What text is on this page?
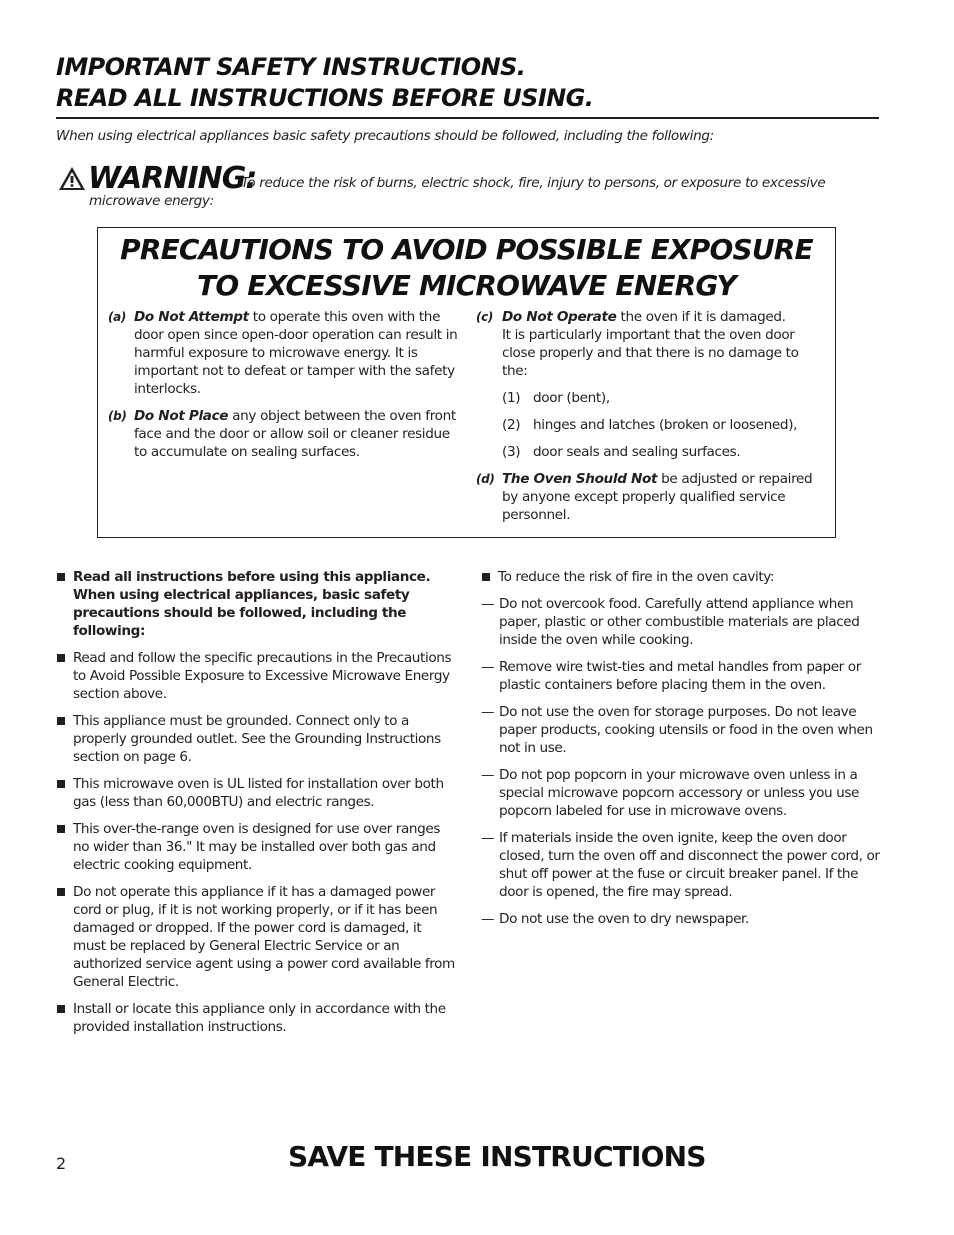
IMPORTANT SAFETY INSTRUCTIONS.
READ ALL INSTRUCTIONS BEFORE USING.
When using electrical appliances basic safety precautions should be followed, including the following:
WARNING:
To reduce the risk of burns, electric shock, fire, injury to persons, or exposure to excessive
microwave energy:
PRECAUTIONS TO AVOID POSSIBLE EXPOSURE
TO EXCESSIVE MICROWAVE ENERGY
(a) Do Not Attempt to operate this oven with the door open since open-door operation can result in harmful exposure to microwave energy. It is important not to defeat or tamper with the safety interlocks.
(b) Do Not Place any object between the oven front face and the door or allow soil or cleaner residue to accumulate on sealing surfaces.
(c) Do Not Operate the oven if it is damaged.
It is particularly important that the oven door close properly and that there is no damage to the:
(1) door (bent),
(2) hinges and latches (broken or loosened),
(3) door seals and sealing surfaces.
(d) The Oven Should Not be adjusted or repaired by anyone except properly qualified service personnel.
Read all instructions before using this appliance. When using electrical appliances, basic safety precautions should be followed, including the following:
Read and follow the specific precautions in the Precautions to Avoid Possible Exposure to Excessive Microwave Energy section above.
This appliance must be grounded. Connect only to a properly grounded outlet. See the Grounding Instructions section on page 6.
This microwave oven is UL listed for installation over both gas (less than 60,000BTU) and electric ranges.
This over-the-range oven is designed for use over ranges no wider than 36." It may be installed over both gas and electric cooking equipment.
Do not operate this appliance if it has a damaged power cord or plug, if it is not working properly, or if it has been damaged or dropped. If the power cord is damaged, it must be replaced by General Electric Service or an authorized service agent using a power cord available from General Electric.
Install or locate this appliance only in accordance with the provided installation instructions.
To reduce the risk of fire in the oven cavity:
— Do not overcook food. Carefully attend appliance when paper, plastic or other combustible materials are placed inside the oven while cooking.
— Remove wire twist-ties and metal handles from paper or plastic containers before placing them in the oven.
— Do not use the oven for storage purposes. Do not leave paper products, cooking utensils or food in the oven when not in use.
— Do not pop popcorn in your microwave oven unless in a special microwave popcorn accessory or unless you use popcorn labeled for use in microwave ovens.
— If materials inside the oven ignite, keep the oven door closed, turn the oven off and disconnect the power cord, or shut off power at the fuse or circuit breaker panel. If the door is opened, the fire may spread.
— Do not use the oven to dry newspaper.
2	SAVE THESE INSTRUCTIONS
